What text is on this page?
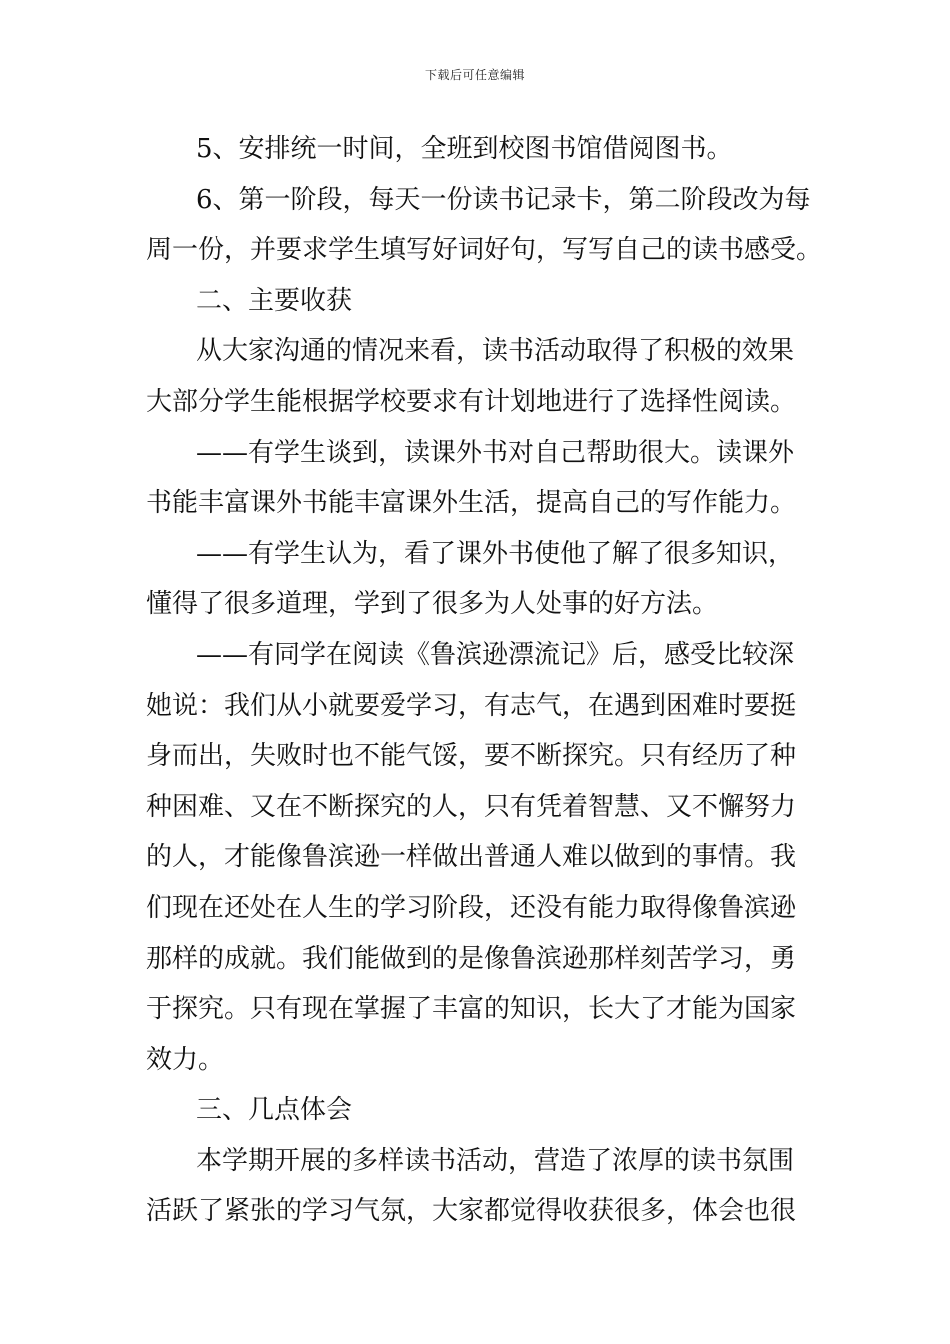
下载后可任意编辑
5、安排统一时间，全班到校图书馆借阅图书。
6、第一阶段，每天一份读书记录卡，第二阶段改为每
周一份，并要求学生填写好词好句，写写自己的读书感受。
二、主要收获
从大家沟通的情况来看，读书活动取得了积极的效果
大部分学生能根据学校要求有计划地进行了选择性阅读。
——有学生谈到，读课外书对自己帮助很大。读课外
书能丰富课外书能丰富课外生活，提高自己的写作能力。
——有学生认为，看了课外书使他了解了很多知识，
懂得了很多道理，学到了很多为人处事的好方法。
——有同学在阅读《鲁滨逊漂流记》后，感受比较深
她说：我们从小就要爱学习，有志气，在遇到困难时要挺
身而出，失败时也不能气馁，要不断探究。只有经历了种
种困难、又在不断探究的人，只有凭着智慧、又不懈努力
的人，才能像鲁滨逊一样做出普通人难以做到的事情。我
们现在还处在人生的学习阶段，还没有能力取得像鲁滨逊
那样的成就。我们能做到的是像鲁滨逊那样刻苦学习，勇
于探究。只有现在掌握了丰富的知识，长大了才能为国家
效力。
三、几点体会
本学期开展的多样读书活动，营造了浓厚的读书氛围
活跃了紧张的学习气氛，大家都觉得收获很多，体会也很
